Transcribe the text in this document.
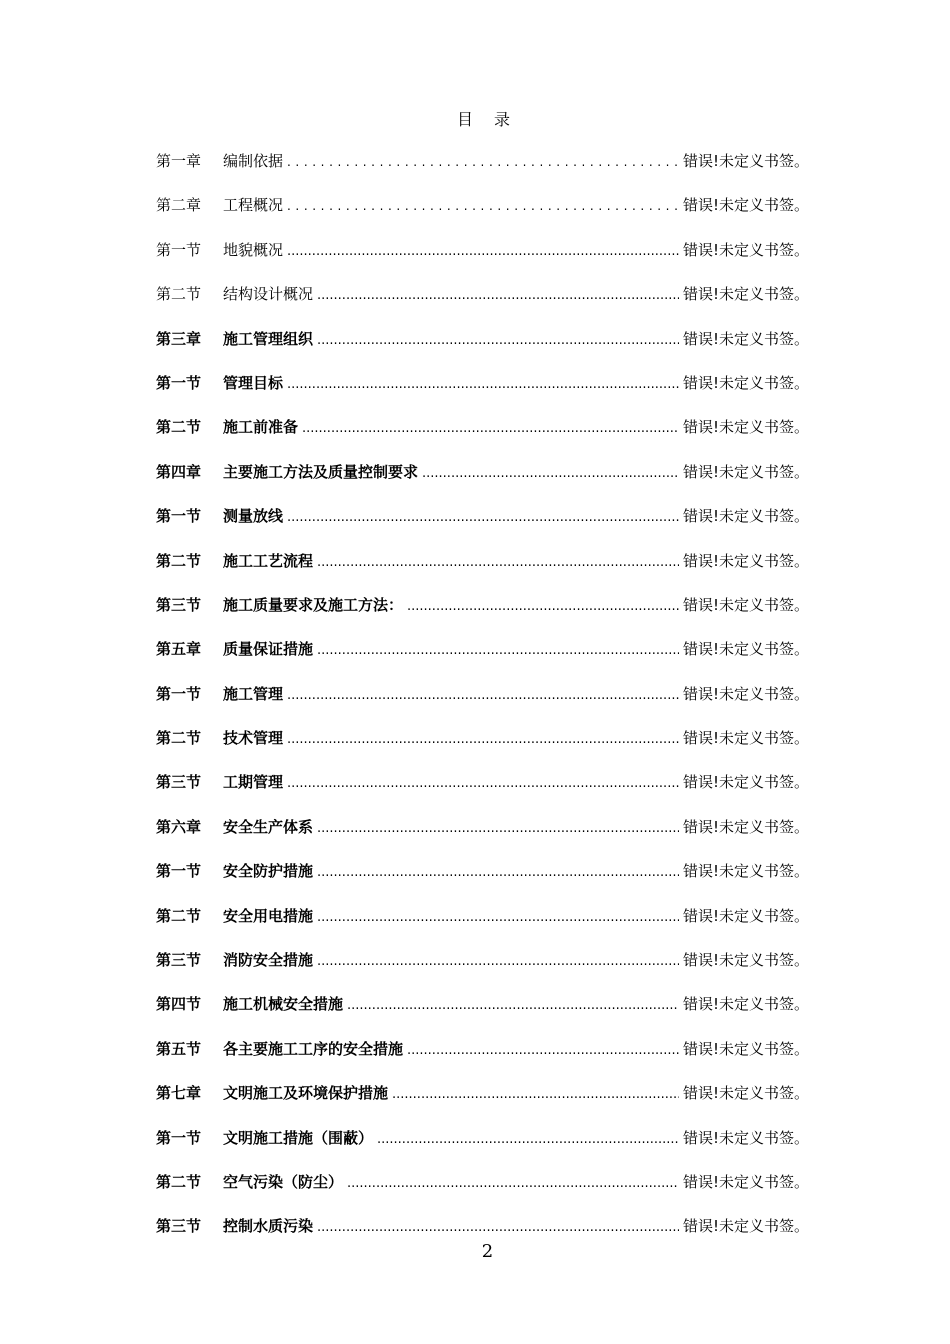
目 录
第一章	编制依据 .....	错误!未定义书签。
第二章	工程概况 .....	错误!未定义书签。
第一节	地貌概况 .....	错误!未定义书签。
第二节	结构设计概况 .....	错误!未定义书签。
第三章	施工管理组织 .....	错误!未定义书签。
第一节	管理目标 .....	错误!未定义书签。
第二节	施工前准备 .....	错误!未定义书签。
第四章	主要施工方法及质量控制要求 .....	错误!未定义书签。
第一节	测量放线 .....	错误!未定义书签。
第二节	施工工艺流程 .....	错误!未定义书签。
第三节	施工质量要求及施工方法： .....	错误!未定义书签。
第五章	质量保证措施 .....	错误!未定义书签。
第一节	施工管理 .....	错误!未定义书签。
第二节	技术管理 .....	错误!未定义书签。
第三节	工期管理 .....	错误!未定义书签。
第六章	安全生产体系 .....	错误!未定义书签。
第一节	安全防护措施 .....	错误!未定义书签。
第二节	安全用电措施 .....	错误!未定义书签。
第三节	消防安全措施 .....	错误!未定义书签。
第四节	施工机械安全措施 .....	错误!未定义书签。
第五节	各主要施工工序的安全措施 .....	错误!未定义书签。
第七章	文明施工及环境保护措施 .....	错误!未定义书签。
第一节	文明施工措施（围蔽） .....	错误!未定义书签。
第二节	空气污染（防尘） .....	错误!未定义书签。
第三节	控制水质污染 .....	错误!未定义书签。
2
